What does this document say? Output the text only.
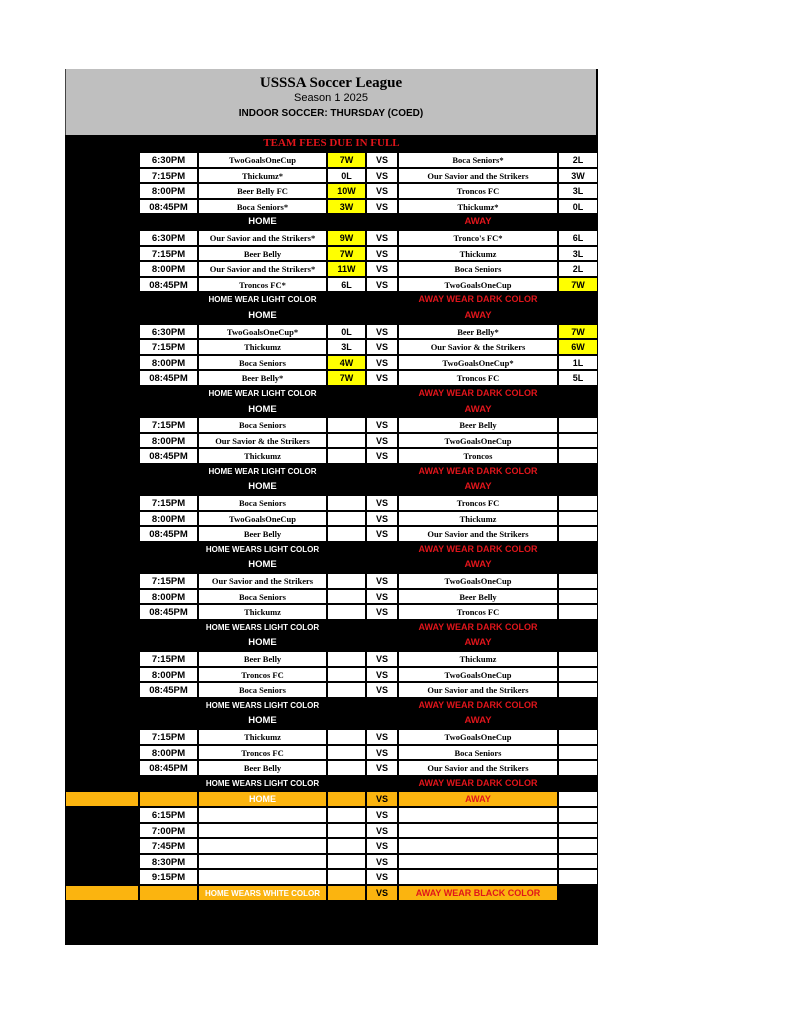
USSSA Soccer League
Season 1 2025
INDOOR SOCCER: THURSDAY (COED)
TEAM FEES DUE IN FULL
THURSDAY	6:30PM	TwoGoalsOneCup	7W	VS	Boca Seniors*	2L
5/29/2025	7:15PM	Thickumz*	0L	VS	Our Savior and the Strikers	3W
8:00PM	Beer Belly FC	10W	VS	Troncos FC	3L
WEEK 1	08:45PM	Boca Seniors*	3W	VS	Thickumz*	0L
HOME	AWAY
THURSDAY	6:30PM	Our Savior and the Strikers*	9W	VS	Tronco's FC*	6L
6/5/2025	7:15PM	Beer Belly	7W	VS	Thickumz	3L
8:00PM	Our Savior and the Strikers*	11W	VS	Boca Seniors	2L
WEEK 2	08:45PM	Troncos FC*	6L	VS	TwoGoalsOneCup	7W
HOME WEAR LIGHT COLOR	AWAY WEAR DARK COLOR
HOME	AWAY
THURSDAY	6:30PM	TwoGoalsOneCup*	0L	VS	Beer Belly*	7W
6/12/2025	7:15PM	Thickumz	3L	VS	Our Savior & the Strikers	6W
8:00PM	Boca Seniors	4W	VS	TwoGoalsOneCup*	1L
WEEK 3	08:45PM	Beer Belly*	7W	VS	Troncos FC	5L
HOME WEAR LIGHT COLOR	AWAY WEAR DARK COLOR
HOME	AWAY
THURSDAY	7:15PM	Boca Seniors	VS	Beer Belly
6/19/2025	8:00PM	Our Savior & the Strikers	VS	TwoGoalsOneCup
WEEK 4	08:45PM	Thickumz	VS	Troncos
HOME WEAR LIGHT COLOR	AWAY WEAR DARK COLOR
HOME	AWAY
THURSDAY	7:15PM	Boca Seniors	VS	Troncos FC
6/26/2025	8:00PM	TwoGoalsOneCup	VS	Thickumz
WEEK 5	08:45PM	Beer Belly	VS	Our Savior and the Strikers
HOME WEARS LIGHT COLOR	AWAY WEAR DARK COLOR
HOME	AWAY
THURSDAY	7:15PM	Our Savior and the Strikers	VS	TwoGoalsOneCup
7/3/2025	8:00PM	Boca Seniors	VS	Beer Belly
WEEK 6	08:45PM	Thickumz	VS	Troncos FC
HOME WEARS LIGHT COLOR	AWAY WEAR DARK COLOR
HOME	AWAY
THURSDAY	7:15PM	Beer Belly	VS	Thickumz
7/10/2025	8:00PM	Troncos FC	VS	TwoGoalsOneCup
Week 7	08:45PM	Boca Seniors	VS	Our Savior and the Strikers
HOME WEARS LIGHT COLOR	AWAY WEAR DARK COLOR
HOME	AWAY
THURSDAY	7:15PM	Thickumz	VS	TwoGoalsOneCup
7/17/2025	8:00PM	Troncos FC	VS	Boca Seniors
WEEK 8	08:45PM	Beer Belly	VS	Our Savior and the Strikers
HOME WEARS LIGHT COLOR	AWAY WEAR DARK COLOR
HOME	VS	AWAY
THURSDAY	6:15PM	VS
7/24/2025	7:00PM	VS
7:45PM	VS
8:30PM	VS
PLAYOFFS	9:15PM	VS
HOME WEARS WHITE COLOR	VS	AWAY WEAR BLACK COLOR
